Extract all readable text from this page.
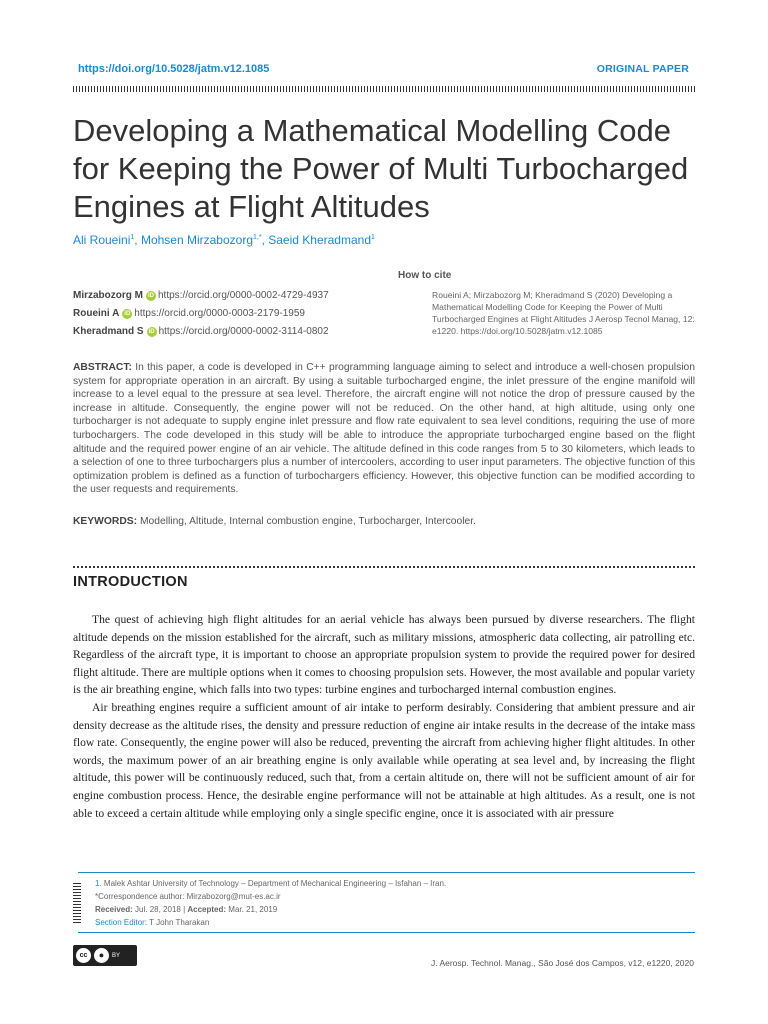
https://doi.org/10.5028/jatm.v12.1085	ORIGINAL PAPER
Developing a Mathematical Modelling Code for Keeping the Power of Multi Turbocharged Engines at Flight Altitudes
Ali Roueini$^1$, Mohsen Mirzabozorg$^{1,*}$, Saeid Kheradmand$^1$
How to cite
Roueini A; Mirzabozorg M; Kheradmand S (2020) Developing a Mathematical Modelling Code for Keeping the Power of Multi Turbocharged Engines at Flight Altitudes J Aerosp Tecnol Manag, 12: e1220. https://doi.org/10.5028/jatm.v12.1085
Mirzabozorg M iD https://orcid.org/0000-0002-4729-4937
Roueini A iD https://orcid.org/0000-0003-2179-1959
Kheradmand S iD https://orcid.org/0000-0002-3114-0802
ABSTRACT: In this paper, a code is developed in C++ programming language aiming to select and introduce a well-chosen propulsion system for appropriate operation in an aircraft. By using a suitable turbocharged engine, the inlet pressure of the engine manifold will increase to a level equal to the pressure at sea level. Therefore, the aircraft engine will not notice the drop of pressure caused by the increase in altitude. Consequently, the engine power will not be reduced. On the other hand, at high altitude, using only one turbocharger is not adequate to supply engine inlet pressure and flow rate equivalent to sea level conditions, requiring the use of more turbochargers. The code developed in this study will be able to introduce the appropriate turbocharged engine based on the flight altitude and the required power engine of an air vehicle. The altitude defined in this code ranges from 5 to 30 kilometers, which leads to a selection of one to three turbochargers plus a number of intercoolers, according to user input parameters. The objective function of this optimization problem is defined as a function of turbochargers efficiency. However, this objective function can be modified according to the user requests and requirements.
KEYWORDS: Modelling, Altitude, Internal combustion engine, Turbocharger, Intercooler.
INTRODUCTION

The quest of achieving high flight altitudes for an aerial vehicle has always been pursued by diverse researchers. The flight altitude depends on the mission established for the aircraft, such as military missions, atmospheric data collecting, air patrolling etc. Regardless of the aircraft type, it is important to choose an appropriate propulsion system to provide the required power for desired flight altitude. There are multiple options when it comes to choosing propulsion sets. However, the most available and popular variety is the air breathing engine, which falls into two types: turbine engines and turbocharged internal combustion engines.

Air breathing engines require a sufficient amount of air intake to perform desirably. Considering that ambient pressure and air density decrease as the altitude rises, the density and pressure reduction of engine air intake results in the decrease of the intake mass flow rate. Consequently, the engine power will also be reduced, preventing the aircraft from achieving higher flight altitudes. In other words, the maximum power of an air breathing engine is only available while operating at sea level and, by increasing the flight altitude, this power will be continuously reduced, such that, from a certain altitude on, there will not be sufficient amount of air for engine combustion process. Hence, the desirable engine performance will not be attainable at high altitudes. As a result, one is not able to exceed a certain altitude while employing only a single specific engine, once it is associated with air pressure

1. Malek Ashtar University of Technology – Department of Mechanical Engineering – Isfahan – Iran.
*Correspondence author: Mirzabozorg@mut-es.ac.ir
Received: Jul. 28, 2018 | Accepted: Mar. 21, 2019
Section Editor: T John Tharakan
cc	●	BY
J. Aerosp. Technol. Manag., São José dos Campos, v12, e1220, 2020
